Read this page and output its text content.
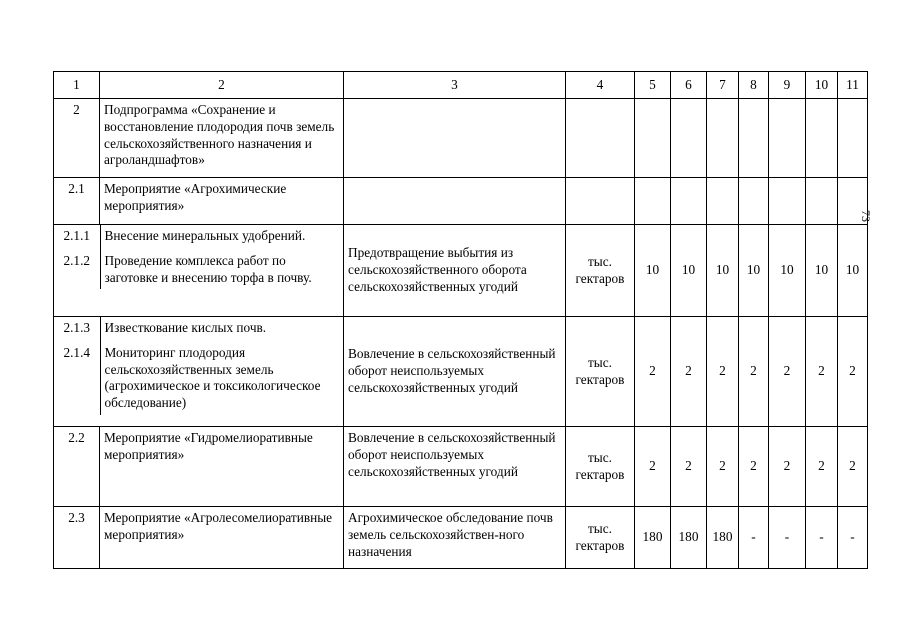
1	2	3	4	5	6	7	8	9	10	11
2	Подпрограмма «Сохранение и восстановление плодородия почв земель сельскохозяйственного назначения и агроландшафтов»									
2.1	Мероприятие «Агрохимические мероприятия»									

2.1.1	Внесение минеральных удобрений.
2.1.2	Проведение комплекса работ по заготовке и внесению торфа в почву.
	Предотвращение выбытия из сельскохозяйственного оборота сельскохозяйственных угодий	тыс. гектаров	10	10	10	10	10	10	10

2.1.3	Известкование кислых почв.
2.1.4	Мониторинг плодородия сельскохозяйственных земель (агрохимическое и токсикологическое обследование)
	Вовлечение в сельскохозяйственный оборот неиспользуемых сельскохозяйственных угодий	тыс. гектаров	2	2	2	2	2	2	2
2.2	Мероприятие «Гидромелиоративные мероприятия»	Вовлечение в сельскохозяйственный оборот неиспользуемых сельскохозяйственных угодий	тыс. гектаров	2	2	2	2	2	2	2
2.3	Мероприятие «Агролесомелиоративные мероприятия»	Агрохимическое обследование почв земель сельскохозяйствен-ного назначения	тыс. гектаров	180	180	180	-	-	-	-
73
